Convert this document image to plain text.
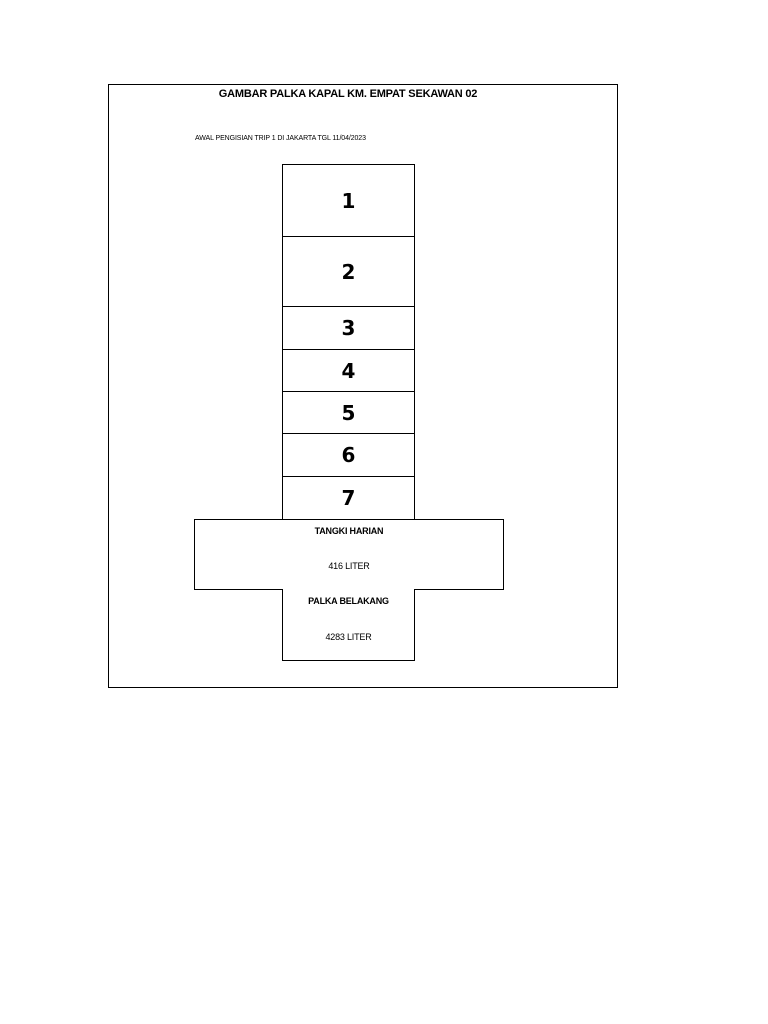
GAMBAR PALKA KAPAL KM. EMPAT SEKAWAN 02
AWAL PENGISIAN TRIP 1 DI JAKARTA TGL 11/04/2023
1
2
3
4
5
6
7
TANGKI HARIAN
416 LITER
PALKA BELAKANG
4283 LITER
